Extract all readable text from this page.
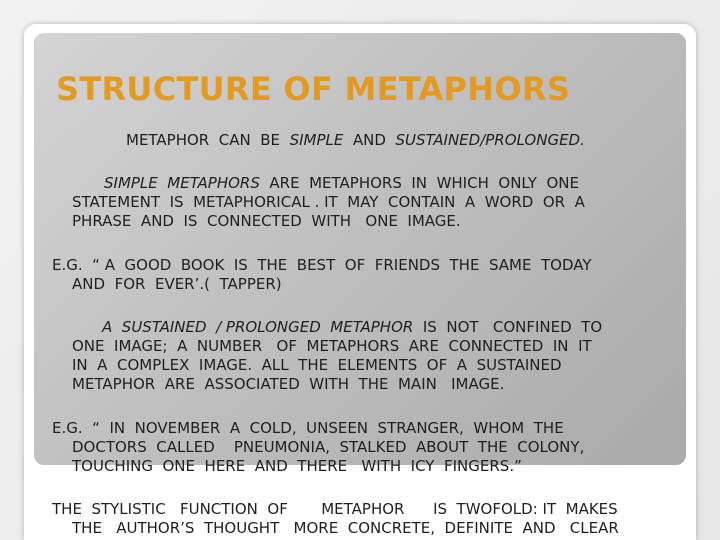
STRUCTURE OF METAPHORS

METAPHOR  CAN  BE  SIMPLE  AND  SUSTAINED/PROLONGED.

SIMPLE  METAPHORS  ARE  METAPHORS  IN  WHICH  ONLY  ONE

STATEMENT  IS  METAPHORICAL . IT  MAY  CONTAIN  A  WORD  OR  A

PHRASE  AND  IS  CONNECTED  WITH   ONE  IMAGE.

E.G.  “ A  GOOD  BOOK  IS  THE  BEST  OF  FRIENDS  THE  SAME  TODAY

AND  FOR  EVER’.(  TAPPER)

A  SUSTAINED  / PROLONGED METAPHOR  IS  NOT   CONFINED  TO

ONE  IMAGE;  A  NUMBER   OF  METAPHORS  ARE  CONNECTED  IN  IT

IN  A  COMPLEX  IMAGE.  ALL  THE  ELEMENTS  OF  A  SUSTAINED

METAPHOR  ARE  ASSOCIATED  WITH  THE  MAIN   IMAGE.

E.G.  “  IN  NOVEMBER  A  COLD,  UNSEEN  STRANGER,  WHOM  THE

DOCTORS  CALLED    PNEUMONIA,  STALKED  ABOUT  THE  COLONY,

TOUCHING  ONE  HERE  AND  THERE   WITH  ICY  FINGERS.”

THE  STYLISTIC   FUNCTION  OF       METAPHOR      IS  TWOFOLD: IT  MAKES

THE   AUTHOR’S  THOUGHT   MORE  CONCRETE,  DEFINITE  AND   CLEAR
